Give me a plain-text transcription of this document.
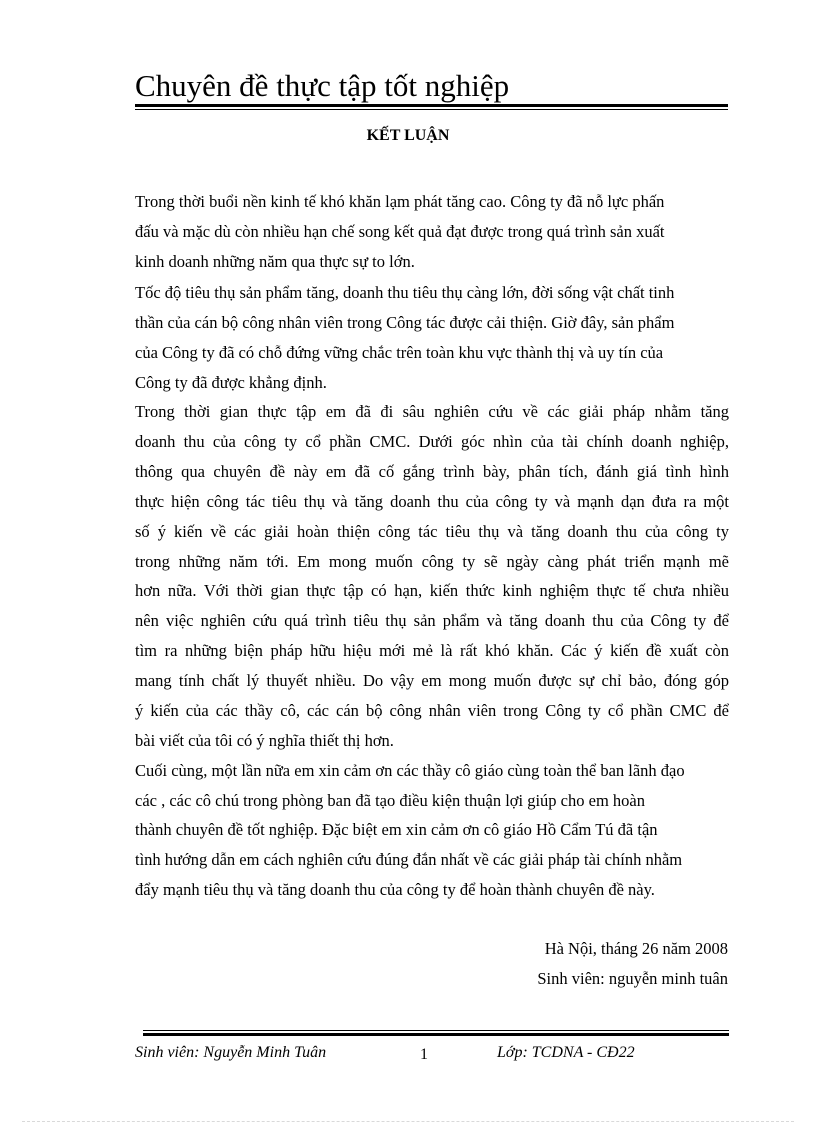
Chuyên đề thực tập tốt nghiệp
KẾT LUẬN
Trong thời buổi nền kinh tế khó khăn lạm phát tăng cao. Công ty đã nỗ lực phấn
đấu và mặc dù còn nhiều hạn chế song kết quả đạt được trong quá trình sản xuất
kinh doanh những năm qua thực sự to lớn.
Tốc độ tiêu thụ sản phẩm tăng, doanh thu tiêu thụ càng lớn, đời sống vật chất tinh
thần của cán bộ công nhân viên trong Công tác được cải thiện. Giờ đây, sản phẩm
của Công ty đã có chỗ đứng vững chắc trên toàn khu vực thành thị và uy tín của
Công ty đã được khẳng định.
Trong thời gian thực tập em đã đi sâu nghiên cứu về các giải pháp nhằm tăng
doanh thu của công ty cổ phần CMC. Dưới góc nhìn của tài chính doanh nghiệp,
thông qua chuyên đề này em đã cố gắng trình bày, phân tích, đánh giá tình hình
thực hiện công tác tiêu thụ và tăng doanh thu của công ty và mạnh dạn đưa ra một
số ý kiến về các giải hoàn thiện công tác tiêu thụ và tăng doanh thu của công ty
trong những năm tới. Em mong muốn công ty sẽ ngày càng phát triển mạnh mẽ
hơn nữa. Với thời gian thực tập có hạn, kiến thức kinh nghiệm thực tế chưa nhiều
nên việc nghiên cứu quá trình tiêu thụ sản phẩm và tăng doanh thu của Công ty để
tìm ra những biện pháp hữu hiệu mới mẻ là rất khó khăn. Các ý kiến đề xuất còn
mang tính chất lý thuyết nhiều. Do vậy em mong muốn được sự chỉ bảo, đóng góp
ý kiến của các thầy cô, các cán bộ công nhân viên trong Công ty cổ phần CMC để
bài viết của tôi có ý nghĩa thiết thị hơn.
Cuối cùng, một lần nữa em xin cảm ơn các thầy cô giáo cùng toàn thể ban lãnh đạo
các , các cô chú trong phòng ban đã tạo điều kiện thuận lợi giúp cho em hoàn
thành chuyên đề tốt nghiệp. Đặc biệt em xin cảm ơn cô giáo Hồ Cẩm Tú đã tận
tình hướng dẫn em cách nghiên cứu đúng đắn nhất về các giải pháp tài chính nhằm
đẩy mạnh tiêu thụ và tăng doanh thu của công ty để hoàn thành chuyên đề này.
Hà Nội, tháng 26 năm 2008
Sinh viên: nguyễn minh tuân
Sinh viên: Nguyễn Minh Tuân	1	Lớp: TCDNA - CĐ22
